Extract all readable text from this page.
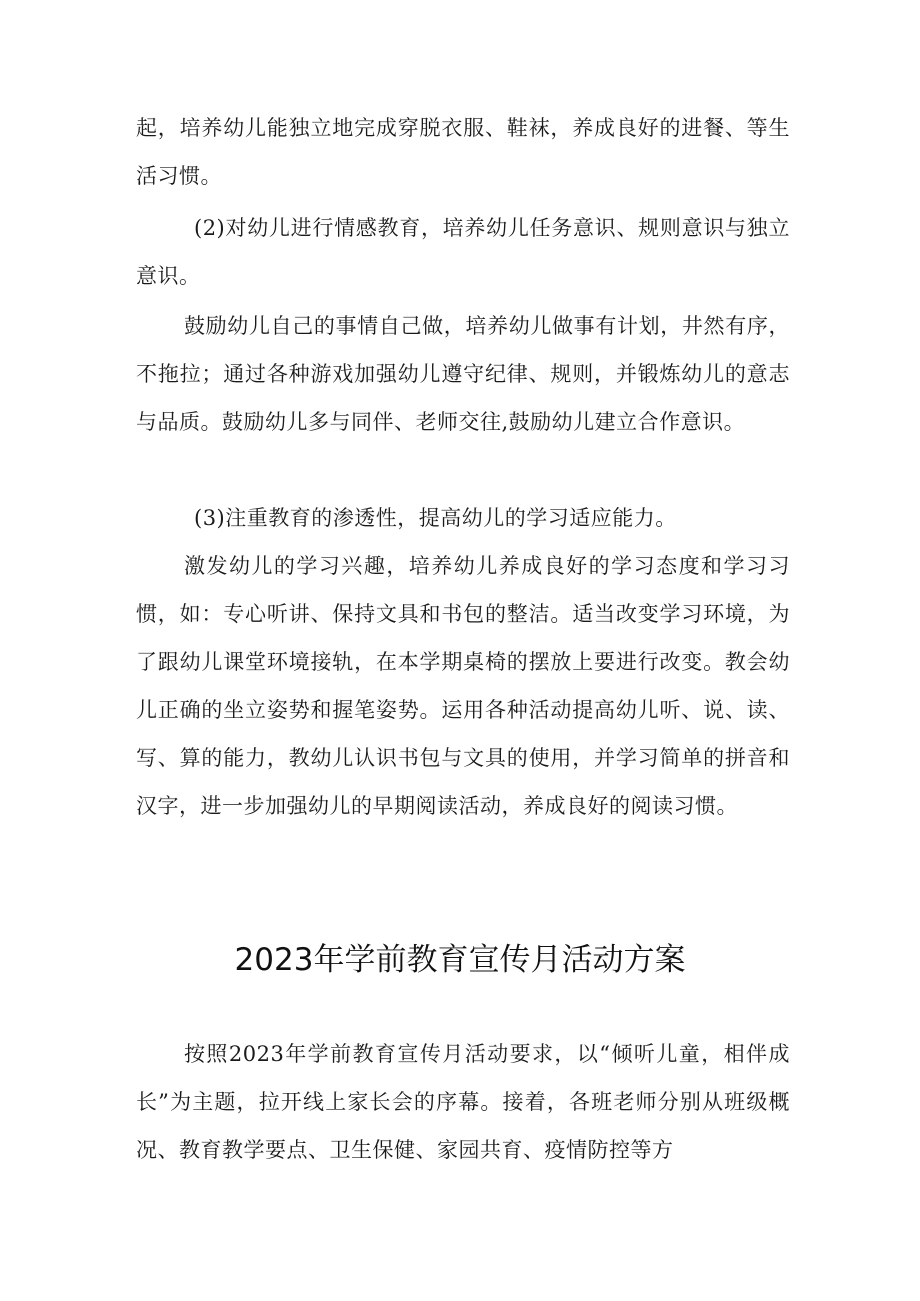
起，培养幼儿能独立地完成穿脱衣服、鞋袜，养成良好的进餐、等生活习惯。

(2)对幼儿进行情感教育，培养幼儿任务意识、规则意识与独立意识。

鼓励幼儿自己的事情自己做，培养幼儿做事有计划，井然有序，不拖拉；通过各种游戏加强幼儿遵守纪律、规则，并锻炼幼儿的意志与品质。鼓励幼儿多与同伴、老师交往,鼓励幼儿建立合作意识。

(3)注重教育的渗透性，提高幼儿的学习适应能力。

激发幼儿的学习兴趣，培养幼儿养成良好的学习态度和学习习惯，如：专心听讲、保持文具和书包的整洁。适当改变学习环境，为了跟幼儿课堂环境接轨，在本学期桌椅的摆放上要进行改变。教会幼儿正确的坐立姿势和握笔姿势。运用各种活动提高幼儿听、说、读、写、算的能力，教幼儿认识书包与文具的使用，并学习简单的拼音和汉字，进一步加强幼儿的早期阅读活动，养成良好的阅读习惯。

2023年学前教育宣传月活动方案

按照2023年学前教育宣传月活动要求，以“倾听儿童，相伴成长”为主题，拉开线上家长会的序幕。接着，各班老师分别从班级概况、教育教学要点、卫生保健、家园共育、疫情防控等方
